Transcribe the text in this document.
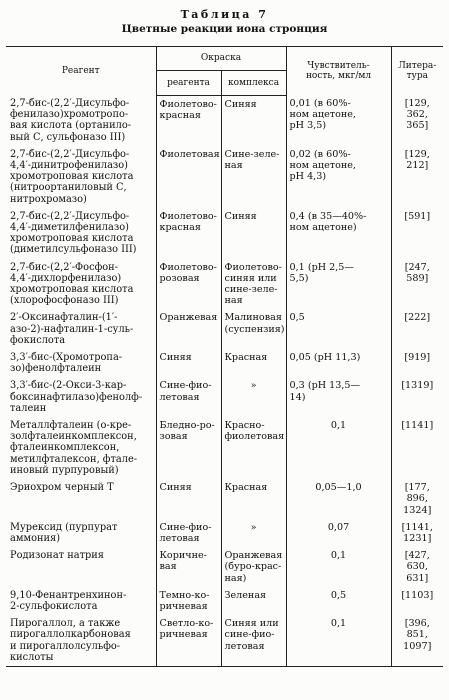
Таблица 7
Цветные реакции иона стронция
Реагент	Окраска		Чувствитель-
ность, мкг/мл	Литера-
тура
	реагента	комплекса		
2,7-бис-(2,2′-Дисульфо-
фенилазо)хромотропо-
вая кислота (ортанило-
вый С, сульфоназо III)	Фиолетово-
красная	Синяя	0,01 (в 60%-
ном ацетоне,
pH 3,5)	[129, 362,
365]
2,7-бис-(2,2′-Дисульфо-
4,4′-динитрофенилазо)
хромотроповая кислота
(нитроортаниловый С,
нитрохромазо)	Фиолетовая	Сине-зеле-
ная	0,02 (в 60%-
ном ацетоне,
pH 4,3)	[129,
212]
2,7-бис-(2,2′-Дисульфо-
4,4′-диметилфенилазо)
хромотроповая кислота
(диметилсульфоназо III)	Фиолетово-
красная	Синяя	0,4 (в 35—40%-
ном ацетоне)	[591]
2,7-бис-(2,2′-Фосфон-
4,4′-дихлорфенилазо)
хромотроповая кислота
(хлорофосфоназо III)	Фиолетово-
розовая	Фиолетово-
синяя или
сине-зеле-
ная	0,1 (pH 2,5—
5,5)	[247,
589]
2′-Оксинафталин-(1′-
азо-2)-нафталин-1-суль-
фокислота	Оранжевая	Малиновая
(суспензия)	0,5	[222]
3,3′-бис-(Хромотропа-
зо)фенолфталеин	Синяя	Красная	0,05 (pH 11,3)	[919]
3,3′-бис-(2-Окси-3-кар-
боксинафтилазо)фенолф-
талеин	Сине-фио-
летовая	»	0,3 (pH 13,5—
14)	[1319]
Металлфталеин (о-кре-
золфталеинкомплексон,
фталеинкомплексон,
метилфталексон, фтале-
иновый пурпуровый)	Бледно-ро-
зовая	Красно-
фиолетовая	0,1	[1141]
Эриохром черный Т	Синяя	Красная	0,05—1,0	[177, 896,
1324]
Мурексид (пурпурат
аммония)	Сине-фио-
летовая	»	0,07	[1141,
1231]
Родизонат натрия	Коричне-
вая	Оранжевая
(буро-крас-
ная)	0,1	[427, 630,
631]
9,10-Фенантренхинон-
2-сульфокислота	Темно-ко-
ричневая	Зеленая	0,5	[1103]
Пирогаллол, а также
пирогаллолкарбоновая
и пирогаллолсульфо-
кислоты	Светло-ко-
ричневая	Синяя или
сине-фио-
летовая	0,1	[396, 851,
1097]
